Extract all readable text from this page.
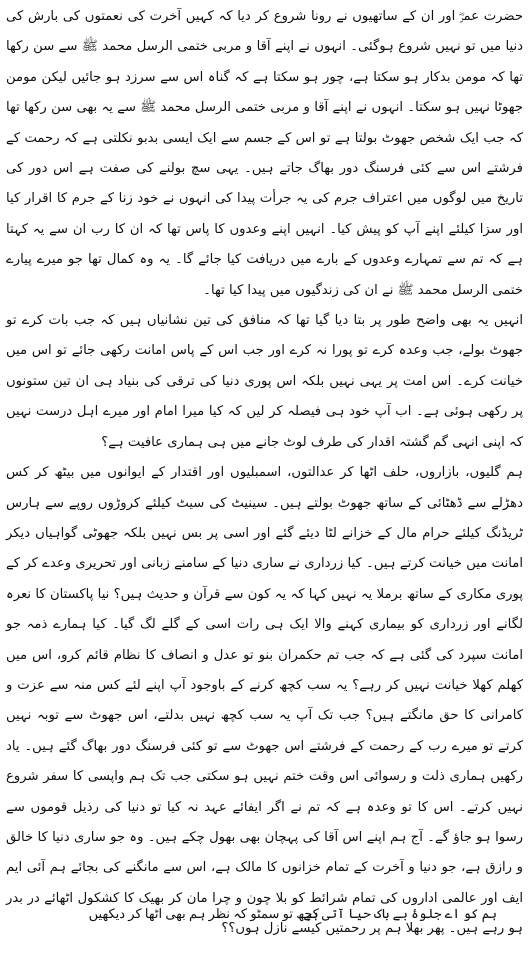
حضرت عمرؓ اور ان کے ساتھیوں نے رونا شروع کر دیا کہ کہیں آخرت کی نعمتوں کی بارش کی دنیا میں تو نہیں شروع ہوگئی۔ انہوں نے اپنے آقا و مربی ختمی الرسل محمد ﷺ سے سن رکھا تھا کہ مومن بدکار ہو سکتا ہے، چور ہو سکتا ہے کہ گناہ اس سے سرزد ہو جائیں لیکن مومن جھوٹا نہیں ہو سکتا۔ انہوں نے اپنے آقا و مربی ختمی الرسل محمد ﷺ سے یہ بھی سن رکھا تھا کہ جب ایک شخص جھوٹ بولتا ہے تو اس کے جسم سے ایک ایسی بدبو نکلتی ہے کہ رحمت کے فرشتے اس سے کئی فرسنگ دور بھاگ جاتے ہیں۔ یہی سچ بولنے کی صفت ہے اس دور کی تاریخ میں لوگوں میں اعتراف جرم کی یہ جرأت پیدا کی انہوں نے خود زنا کے جرم کا اقرار کیا اور سزا کیلئے اپنے آپ کو پیش کیا۔ انہیں اپنے وعدوں کا پاس تھا کہ ان کا رب ان سے یہ کہتا ہے کہ تم سے تمہارے وعدوں کے بارے میں دریافت کیا جائے گا۔ یہ وہ کمال تھا جو میرے پیارے ختمی الرسل محمد ﷺ نے ان کی زندگیوں میں پیدا کیا تھا۔

انہیں یہ بھی واضح طور پر بتا دیا گیا تھا کہ منافق کی تین نشانیاں ہیں کہ جب بات کرے تو جھوٹ بولے، جب وعدہ کرے تو پورا نہ کرے اور جب اس کے پاس امانت رکھی جائے تو اس میں خیانت کرے۔ اس امت پر یہی نہیں بلکہ اس پوری دنیا کی ترقی کی بنیاد ہی ان تین ستونوں پر رکھی ہوئی ہے۔ اب آپ خود ہی فیصلہ کر لیں کہ کیا میرا امام اور میرے اہل درست نہیں کہ اپنی انہی گم گشتہ اقدار کی طرف لوٹ جانے میں ہی ہماری عافیت ہے؟

ہم گلیوں، بازاروں، حلف اٹھا کر عدالتوں، اسمبلیوں اور اقتدار کے ایوانوں میں بیٹھ کر کس دھڑلے سے ڈھٹائی کے ساتھ جھوٹ بولتے ہیں۔ سینیٹ کی سیٹ کیلئے کروڑوں روپے سے ہارس ٹریڈنگ کیلئے حرام مال کے خزانے لٹا دیئے گئے اور اسی پر بس نہیں بلکہ جھوٹی گواہیاں دیکر امانت میں خیانت کرتے ہیں۔ کیا زرداری نے ساری دنیا کے سامنے زبانی اور تحریری وعدے کر کے پوری مکاری کے ساتھ برملا یہ نہیں کہا کہ یہ کون سے قرآن و حدیث ہیں؟ نیا پاکستان کا نعرہ لگانے اور زرداری کو بیماری کہنے والا ایک ہی رات اسی کے گلے لگ گیا۔ کیا ہمارے ذمہ جو امانت سپرد کی گئی ہے کہ جب تم حکمران بنو تو عدل و انصاف کا نظام قائم کرو، اس میں کھلم کھلا خیانت نہیں کر رہے؟ یہ سب کچھ کرنے کے باوجود آپ اپنے لئے کس منہ سے عزت و کامرانی کا حق مانگتے ہیں؟ جب تک آپ یہ سب کچھ نہیں بدلتے، اس جھوٹ سے توبہ نہیں کرتے تو میرے رب کے رحمت کے فرشتے اس جھوٹ سے تو کئی فرسنگ دور بھاگ گئے ہیں۔ یاد رکھیں ہماری ذلت و رسوائی اس وقت ختم نہیں ہو سکتی جب تک ہم واپسی کا سفر شروع نہیں کرتے۔ اس کا تو وعدہ ہے کہ تم نے اگر ایفائے عہد نہ کیا تو دنیا کی رذیل قوموں سے رسوا ہو جاؤ گے۔ آج ہم اپنے اس آقا کی پہچان بھی بھول چکے ہیں۔ وہ جو ساری دنیا کا خالق و رازق ہے، جو دنیا و آخرت کے تمام خزانوں کا مالک ہے، اس سے مانگنے کی بجائے ہم آئی ایم ایف اور عالمی اداروں کی تمام شرائط کو بلا چون و چرا مان کر بھیک کا کشکول اٹھائے در بدر ہو رہے ہیں۔ پھر بھلا ہم پر رحمتیں کیسے نازل ہوں؟؟

کچھ تو سمٹو کہ نظر ہم بھی اٹھا کر دیکھیں
ہم کو اے جلوۂ بے باک حیا آتی ہے
